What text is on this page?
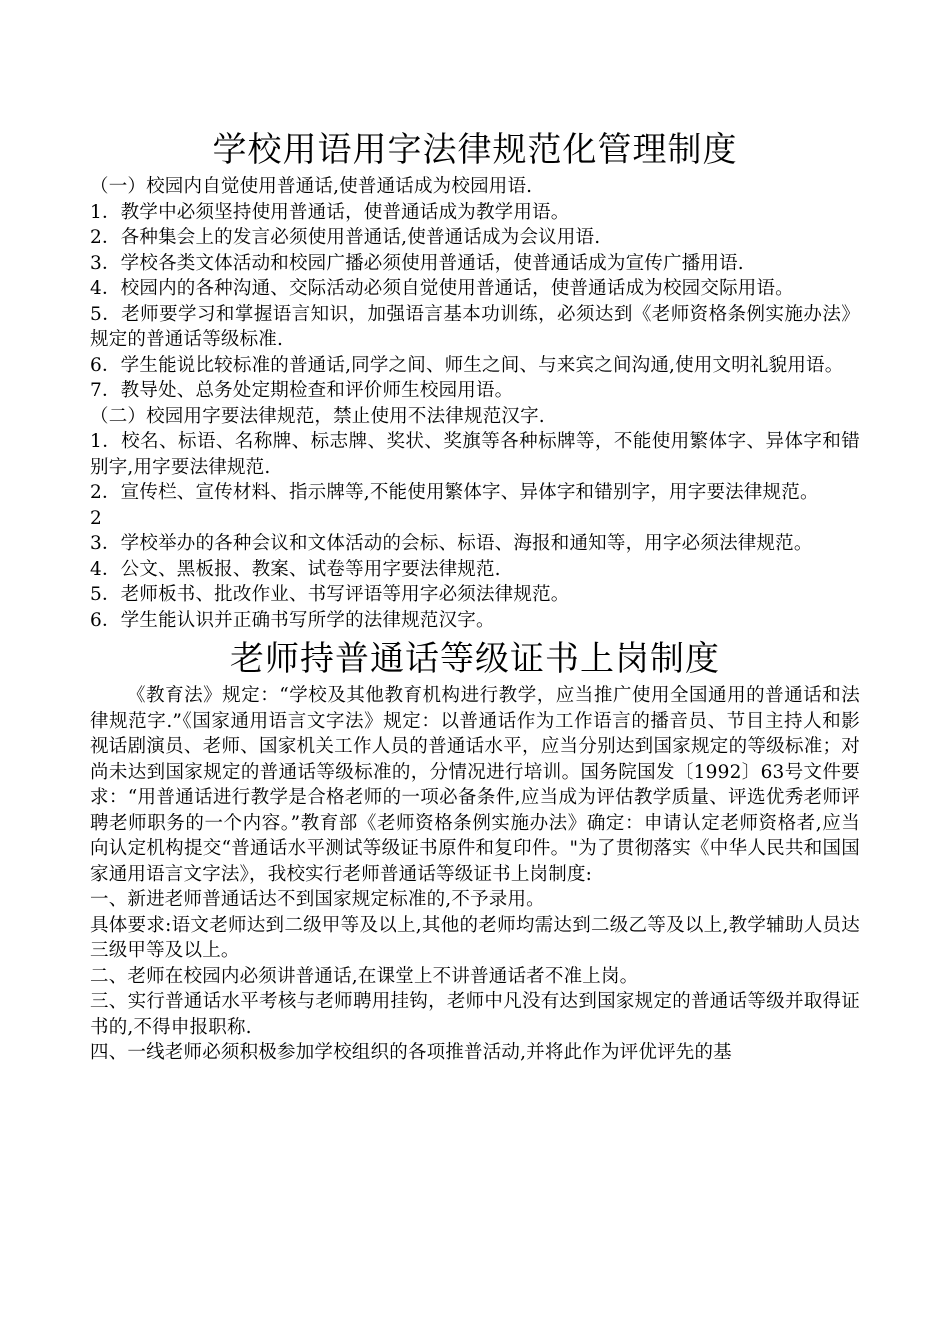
学校用语用字法律规范化管理制度

（一）校园内自觉使用普通话,使普通话成为校园用语.

1．教学中必须坚持使用普通话，使普通话成为教学用语。

2．各种集会上的发言必须使用普通话,使普通话成为会议用语.

3．学校各类文体活动和校园广播必须使用普通话，使普通话成为宣传广播用语.

4．校园内的各种沟通、交际活动必须自觉使用普通话，使普通话成为校园交际用语。

5．老师要学习和掌握语言知识，加强语言基本功训练，必须达到《老师资格条例实施办法》规定的普通话等级标准.

6．学生能说比较标准的普通话,同学之间、师生之间、与来宾之间沟通,使用文明礼貌用语。

7．教导处、总务处定期检查和评价师生校园用语。

（二）校园用字要法律规范，禁止使用不法律规范汉字.

1．校名、标语、名称牌、标志牌、奖状、奖旗等各种标牌等，不能使用繁体字、异体字和错别字,用字要法律规范.

2．宣传栏、宣传材料、指示牌等,不能使用繁体字、异体字和错别字，用字要法律规范。

2

3．学校举办的各种会议和文体活动的会标、标语、海报和通知等，用字必须法律规范。

4．公文、黑板报、教案、试卷等用字要法律规范.

5．老师板书、批改作业、书写评语等用字必须法律规范。

6．学生能认识并正确书写所学的法律规范汉字。

老师持普通话等级证书上岗制度

《教育法》规定：“学校及其他教育机构进行教学，应当推广使用全国通用的普通话和法律规范字.”《国家通用语言文字法》规定：以普通话作为工作语言的播音员、节目主持人和影视话剧演员、老师、国家机关工作人员的普通话水平，应当分别达到国家规定的等级标准；对尚未达到国家规定的普通话等级标准的，分情况进行培训。国务院国发〔1992〕63号文件要求：“用普通话进行教学是合格老师的一项必备条件,应当成为评估教学质量、评选优秀老师评聘老师职务的一个内容。”教育部《老师资格条例实施办法》确定：申请认定老师资格者,应当向认定机构提交“普通话水平测试等级证书原件和复印件。"为了贯彻落实《中华人民共和国国家通用语言文字法》，我校实行老师普通话等级证书上岗制度:

一、新进老师普通话达不到国家规定标准的,不予录用。

具体要求:语文老师达到二级甲等及以上,其他的老师均需达到二级乙等及以上,教学辅助人员达三级甲等及以上。

二、老师在校园内必须讲普通话,在课堂上不讲普通话者不准上岗。

三、实行普通话水平考核与老师聘用挂钩，老师中凡没有达到国家规定的普通话等级并取得证书的,不得申报职称.

四、一线老师必须积极参加学校组织的各项推普活动,并将此作为评优评先的基
